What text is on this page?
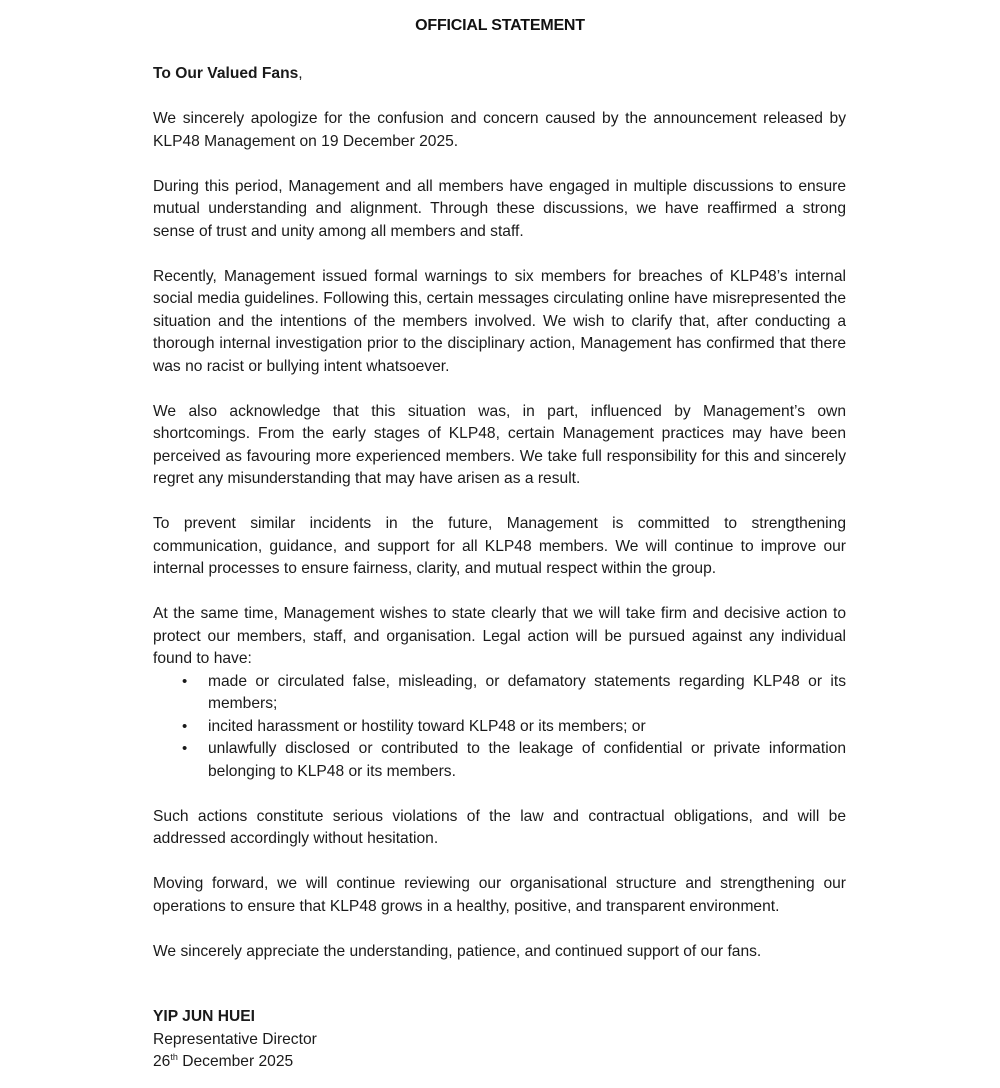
OFFICIAL STATEMENT
To Our Valued Fans,

We sincerely apologize for the confusion and concern caused by the announcement released by KLP48 Management on 19 December 2025.

During this period, Management and all members have engaged in multiple discussions to ensure mutual understanding and alignment. Through these discussions, we have reaffirmed a strong sense of trust and unity among all members and staff.

Recently, Management issued formal warnings to six members for breaches of KLP48’s internal social media guidelines. Following this, certain messages circulating online have misrepresented the situation and the intentions of the members involved. We wish to clarify that, after conducting a thorough internal investigation prior to the disciplinary action, Management has confirmed that there was no racist or bullying intent whatsoever.

We also acknowledge that this situation was, in part, influenced by Management’s own shortcomings. From the early stages of KLP48, certain Management practices may have been perceived as favouring more experienced members. We take full responsibility for this and sincerely regret any misunderstanding that may have arisen as a result.

To prevent similar incidents in the future, Management is committed to strengthening communication, guidance, and support for all KLP48 members. We will continue to improve our internal processes to ensure fairness, clarity, and mutual respect within the group.

At the same time, Management wishes to state clearly that we will take firm and decisive action to protect our members, staff, and organisation. Legal action will be pursued against any individual found to have:

• made or circulated false, misleading, or defamatory statements regarding KLP48 or its members;
• incited harassment or hostility toward KLP48 or its members; or
• unlawfully disclosed or contributed to the leakage of confidential or private information belonging to KLP48 or its members.

Such actions constitute serious violations of the law and contractual obligations, and will be addressed accordingly without hesitation.

Moving forward, we will continue reviewing our organisational structure and strengthening our operations to ensure that KLP48 grows in a healthy, positive, and transparent environment.

We sincerely appreciate the understanding, patience, and continued support of our fans.

YIP JUN HUEI
Representative Director
26th December 2025
